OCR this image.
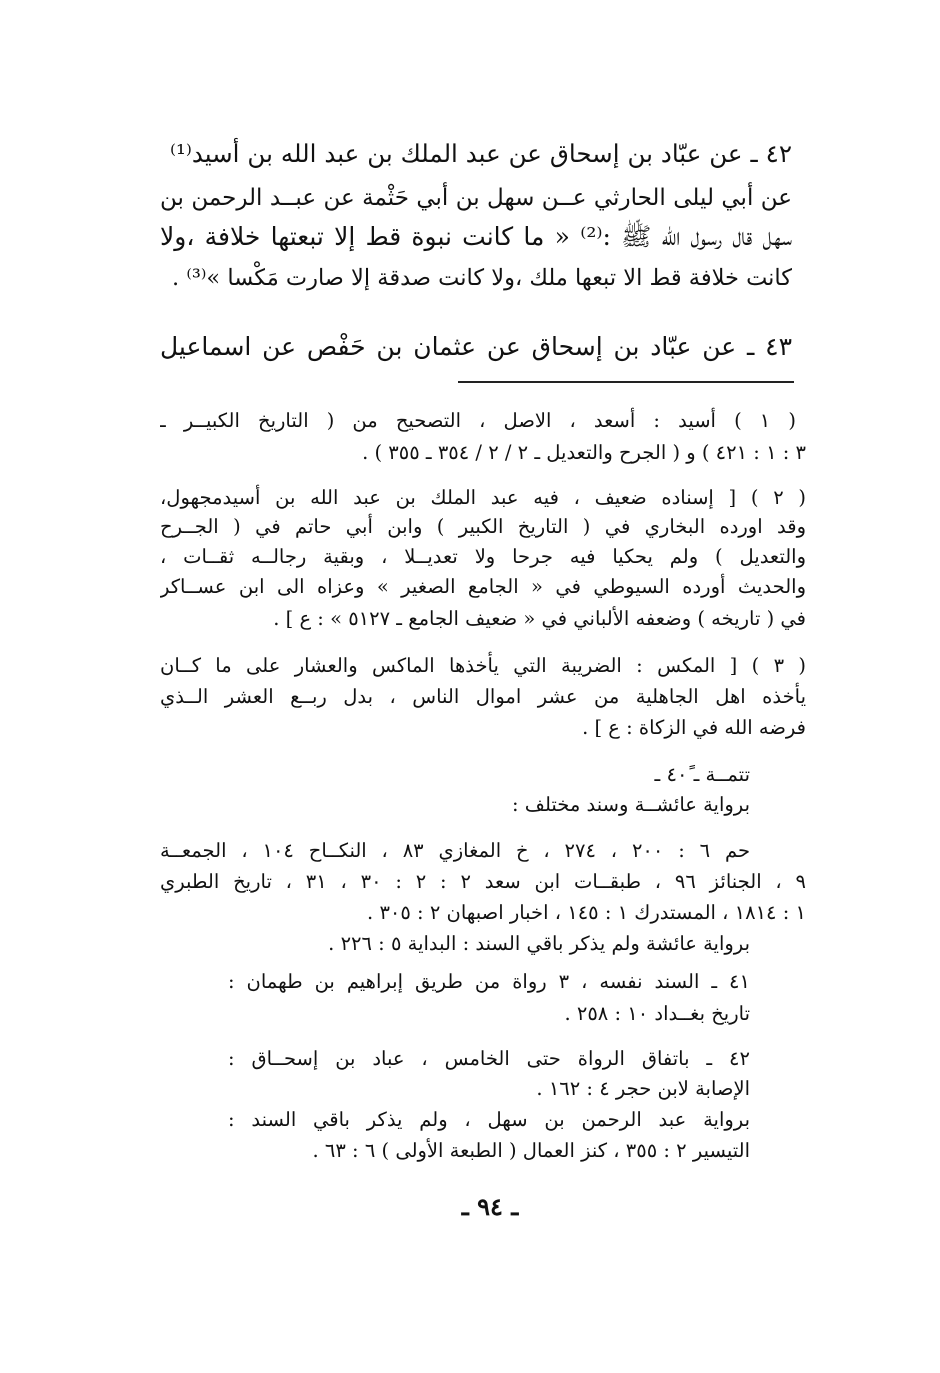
٤٢ً ـ عن عبّاد بن إسحاق عن عبد الملك بن عبد الله بن أسيد⁽¹⁾
عن أبي ليلى الحارثي عــن سهل بن أبي حَثْمة عن عبــد الرحمن بن
سهل قال رسول الله ﷺ :⁽²⁾ « ما كانت نبوة قط إلا تبعتها خلافة ،ولا
كانت خلافة قط الا تبعها ملك ،ولا كانت صدقة إلا صارت مَكْسا »⁽³⁾ .
٤٣ً ـ عن عبّاد بن إسحاق عن عثمان بن حَفْص عن اسماعيل
( ١ ) أسيد : أسعد ، الاصل ، التصحيح من ( التاريخ الكبيــر ـ
٣ : ١ : ٤٢١ ) و ( الجرح والتعديل ـ ٢ / ٢ / ٣٥٤ ـ ٣٥٥ ) .
( ٢ ) [ إسناده ضعيف ، فيه عبد الملك بن عبد الله بن أسيدمجهول،
وقد اورده البخاري في ( التاريخ الكبير ) وابن أبي حاتم في ( الجــرح
والتعديل ) ولم يحكيا فيه جرحا ولا تعديــلا ، وبقية رجالــه ثقــات ،
والحديث أورده السيوطي في « الجامع الصغير » وعزاه الى ابن عســاكر
في ( تاريخه ) وضعفه الألباني في « ضعيف الجامع ـ ٥١٢٧ » : ع ] .
( ٣ ) [ المكس : الضريبة التي يأخذها الماكس والعشار على ما كــان
يأخذه اهل الجاهلية من عشر اموال الناس ، بدل ربــع العشر الــذي
فرضه الله في الزكاة : ع ] .
تتمــة ـ ٤٠ً ـ
برواية عائشــة وسند مختلف :
حم ٦ : ٢٠٠ ، ٢٧٤ ، خ المغازي ٨٣ ، النكــاح ١٠٤ ، الجمعــة
٩ ، الجنائز ٩٦ ، طبقــات ابن سعد ٢ : ٢ : ٣٠ ، ٣١ ، تاريخ الطبري
١ : ١٨١٤ ، المستدرك ١ : ١٤٥ ، اخبار اصبهان ٢ : ٣٠٥ .
برواية عائشة ولم يذكر باقي السند : البداية ٥ : ٢٢٦ .
٤١ً ـ السند نفسه ، ٣ رواة من طريق إبراهيم بن طهمان :
تاريخ بغــداد ١٠ : ٢٥٨ .
٤٢ً ـ باتفاق الرواة حتى الخامس ، عباد بن إسحــاق :
الإصابة لابن حجر ٤ : ١٦٢ .
برواية عبد الرحمن بن سهل ، ولم يذكر باقي السند :
التيسير ٢ : ٣٥٥ ، كنز العمال ( الطبعة الأولى ) ٦ : ٦٣ .
ـ ٩٤ ـ
